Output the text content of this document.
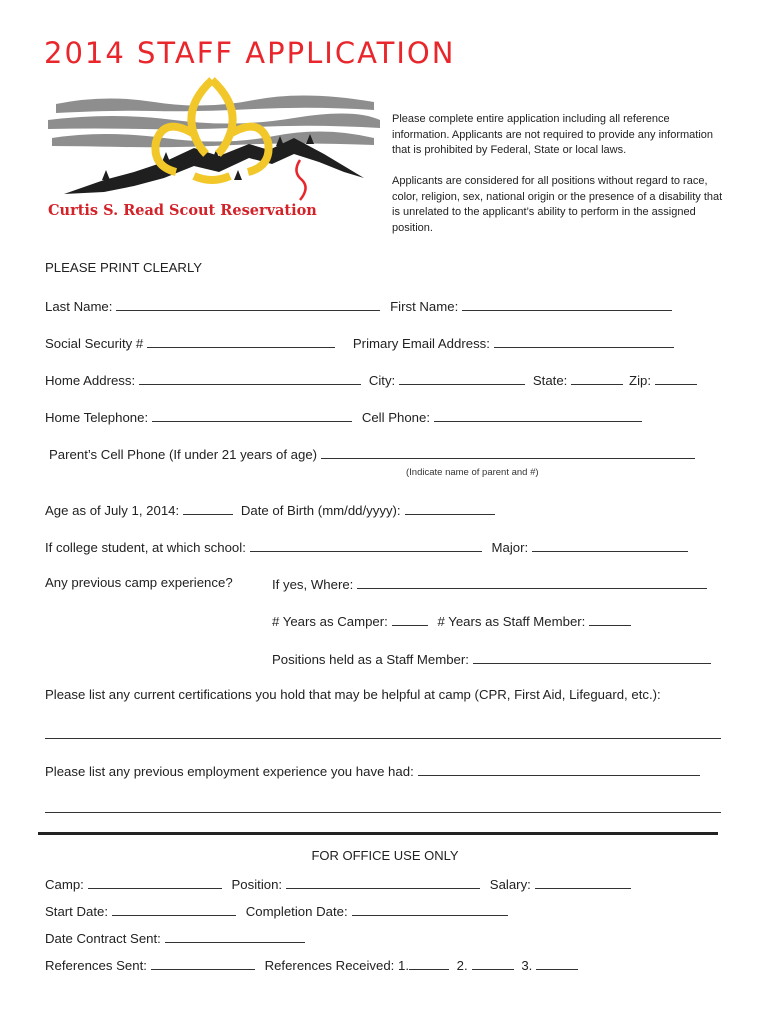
2014 STAFF APPLICATION
Curtis S. Read Scout Reservation

Please complete entire application including all reference information. Applicants are not required to provide any information that is prohibited by Federal, State or local laws.

Applicants are considered for all positions without regard to race, color, religion, sex, national origin or the presence of a disability that is unrelated to the applicant’s ability to perform in the assigned position.

PLEASE PRINT CLEARLY
Last Name:	First Name:
Social Security #	Primary Email Address:
Home Address:	City:	State:	Zip:
Home Telephone:	Cell Phone:
Parent’s Cell Phone (If under 21 years of age)
(Indicate name of parent and #)
Age as of July 1, 2014:	Date of Birth (mm/dd/yyyy):
If college student, at which school:	Major:
Any previous camp experience?	If yes, Where:
# Years as Camper:	# Years as Staff Member:
Positions held as a Staff Member:
Please list any current certifications you hold that may be helpful at camp (CPR, First Aid, Lifeguard, etc.):
Please list any previous employment experience you have had:
FOR OFFICE USE ONLY
Camp:	Position:	Salary:
Start Date:	Completion Date:
Date Contract Sent:
References Sent:	References Received: 1.	2.	3.
